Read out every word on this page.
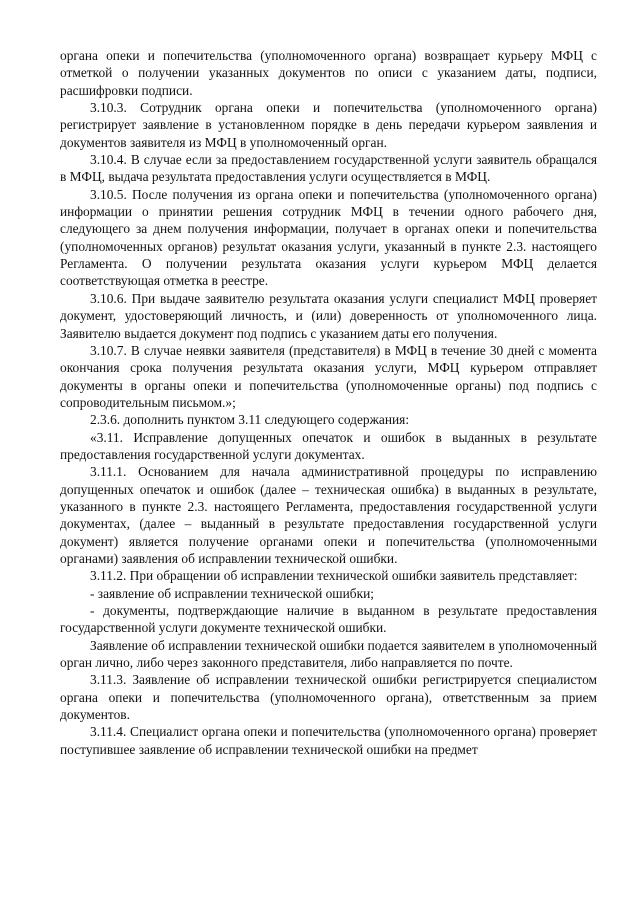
органа опеки и попечительства (уполномоченного органа) возвращает курьеру МФЦ с отметкой о получении указанных документов по описи с указанием даты, подписи, расшифровки подписи.

3.10.3. Сотрудник органа опеки и попечительства (уполномоченного органа) регистрирует заявление в установленном порядке в день передачи курьером заявления и документов заявителя из МФЦ в уполномоченный орган.

3.10.4. В случае если за предоставлением государственной услуги заявитель обращался в МФЦ, выдача результата предоставления услуги осуществляется в МФЦ.

3.10.5. После получения из органа опеки и попечительства (уполномоченного органа) информации о принятии решения сотрудник МФЦ в течении одного рабочего дня, следующего за днем получения информации, получает в органах опеки и попечительства (уполномоченных органов) результат оказания услуги, указанный в пункте 2.3. настоящего Регламента. О получении результата оказания услуги курьером МФЦ делается соответствующая отметка в реестре.

3.10.6. При выдаче заявителю результата оказания услуги специалист МФЦ проверяет документ, удостоверяющий личность, и (или) доверенность от уполномоченного лица. Заявителю выдается документ под подпись с указанием даты его получения.

3.10.7. В случае неявки заявителя (представителя) в МФЦ в течение 30 дней с момента окончания срока получения результата оказания услуги, МФЦ курьером отправляет документы в органы опеки и попечительства (уполномоченные органы) под подпись с сопроводительным письмом.»;

2.3.6. дополнить пунктом 3.11 следующего содержания:

«3.11. Исправление допущенных опечаток и ошибок в выданных в результате предоставления государственной услуги документах.

3.11.1. Основанием для начала административной процедуры по исправлению допущенных опечаток и ошибок (далее – техническая ошибка) в выданных в результате, указанного в пункте 2.3. настоящего Регламента, предоставления государственной услуги документах, (далее – выданный в результате предоставления государственной услуги документ) является получение органами опеки и попечительства (уполномоченными органами) заявления об исправлении технической ошибки.

3.11.2. При обращении об исправлении технической ошибки заявитель представляет:

- заявление об исправлении технической ошибки;

- документы, подтверждающие наличие в выданном в результате предоставления государственной услуги документе технической ошибки.

Заявление об исправлении технической ошибки подается заявителем в уполномоченный орган лично, либо через законного представителя, либо направляется по почте.

3.11.3. Заявление об исправлении технической ошибки регистрируется специалистом органа опеки и попечительства (уполномоченного органа), ответственным за прием документов.

3.11.4. Специалист органа опеки и попечительства (уполномоченного органа) проверяет поступившее заявление об исправлении технической ошибки на предмет
